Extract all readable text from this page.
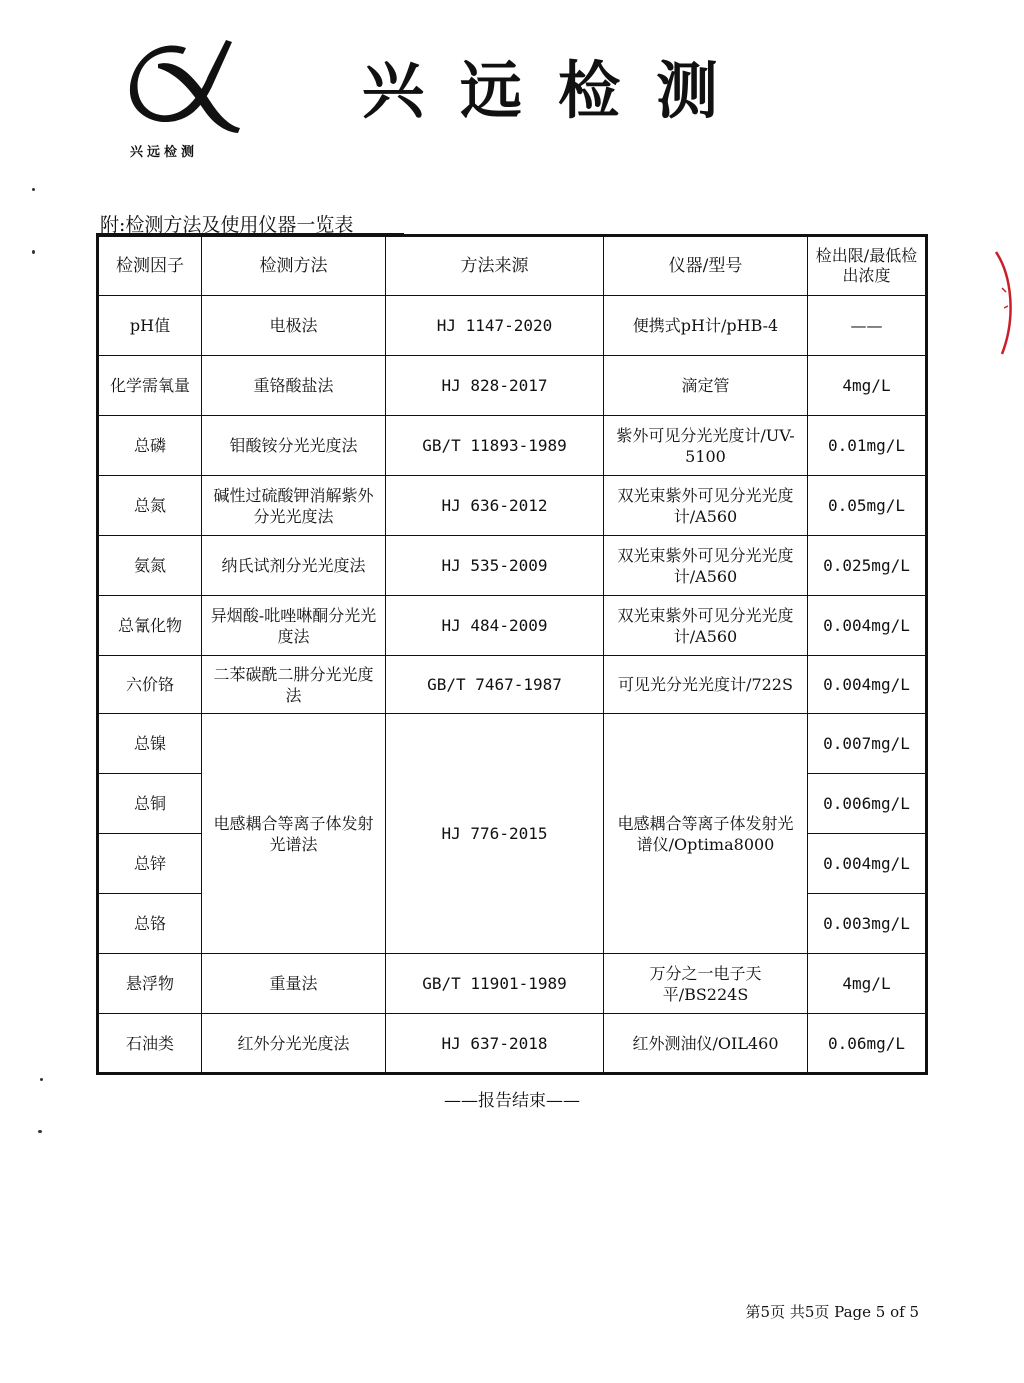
兴远检测
兴远检测
附:检测方法及使用仪器一览表
检测因子	检测方法	方法来源	仪器/型号	检出限/最低检出浓度
pH值	电极法	HJ 1147-2020	便携式pH计/pHB-4	——
化学需氧量	重铬酸盐法	HJ 828-2017	滴定管	4mg/L
总磷	钼酸铵分光光度法	GB/T 11893-1989	紫外可见分光光度计/UV-5100	0.01mg/L
总氮	碱性过硫酸钾消解紫外分光光度法	HJ 636-2012	双光束紫外可见分光光度计/A560	0.05mg/L
氨氮	纳氏试剂分光光度法	HJ 535-2009	双光束紫外可见分光光度计/A560	0.025mg/L
总氰化物	异烟酸-吡唑啉酮分光光度法	HJ 484-2009	双光束紫外可见分光光度计/A560	0.004mg/L
六价铬	二苯碳酰二肼分光光度法	GB/T 7467-1987	可见光分光光度计/722S	0.004mg/L
总镍	电感耦合等离子体发射光谱法	HJ 776-2015	电感耦合等离子体发射光谱仪/Optima8000	0.007mg/L
总铜				0.006mg/L
总锌				0.004mg/L
总铬				0.003mg/L
悬浮物	重量法	GB/T 11901-1989	万分之一电子天平/BS224S	4mg/L
石油类	红外分光光度法	HJ 637-2018	红外测油仪/OIL460	0.06mg/L
——报告结束——
第5页 共5页 Page 5 of 5
